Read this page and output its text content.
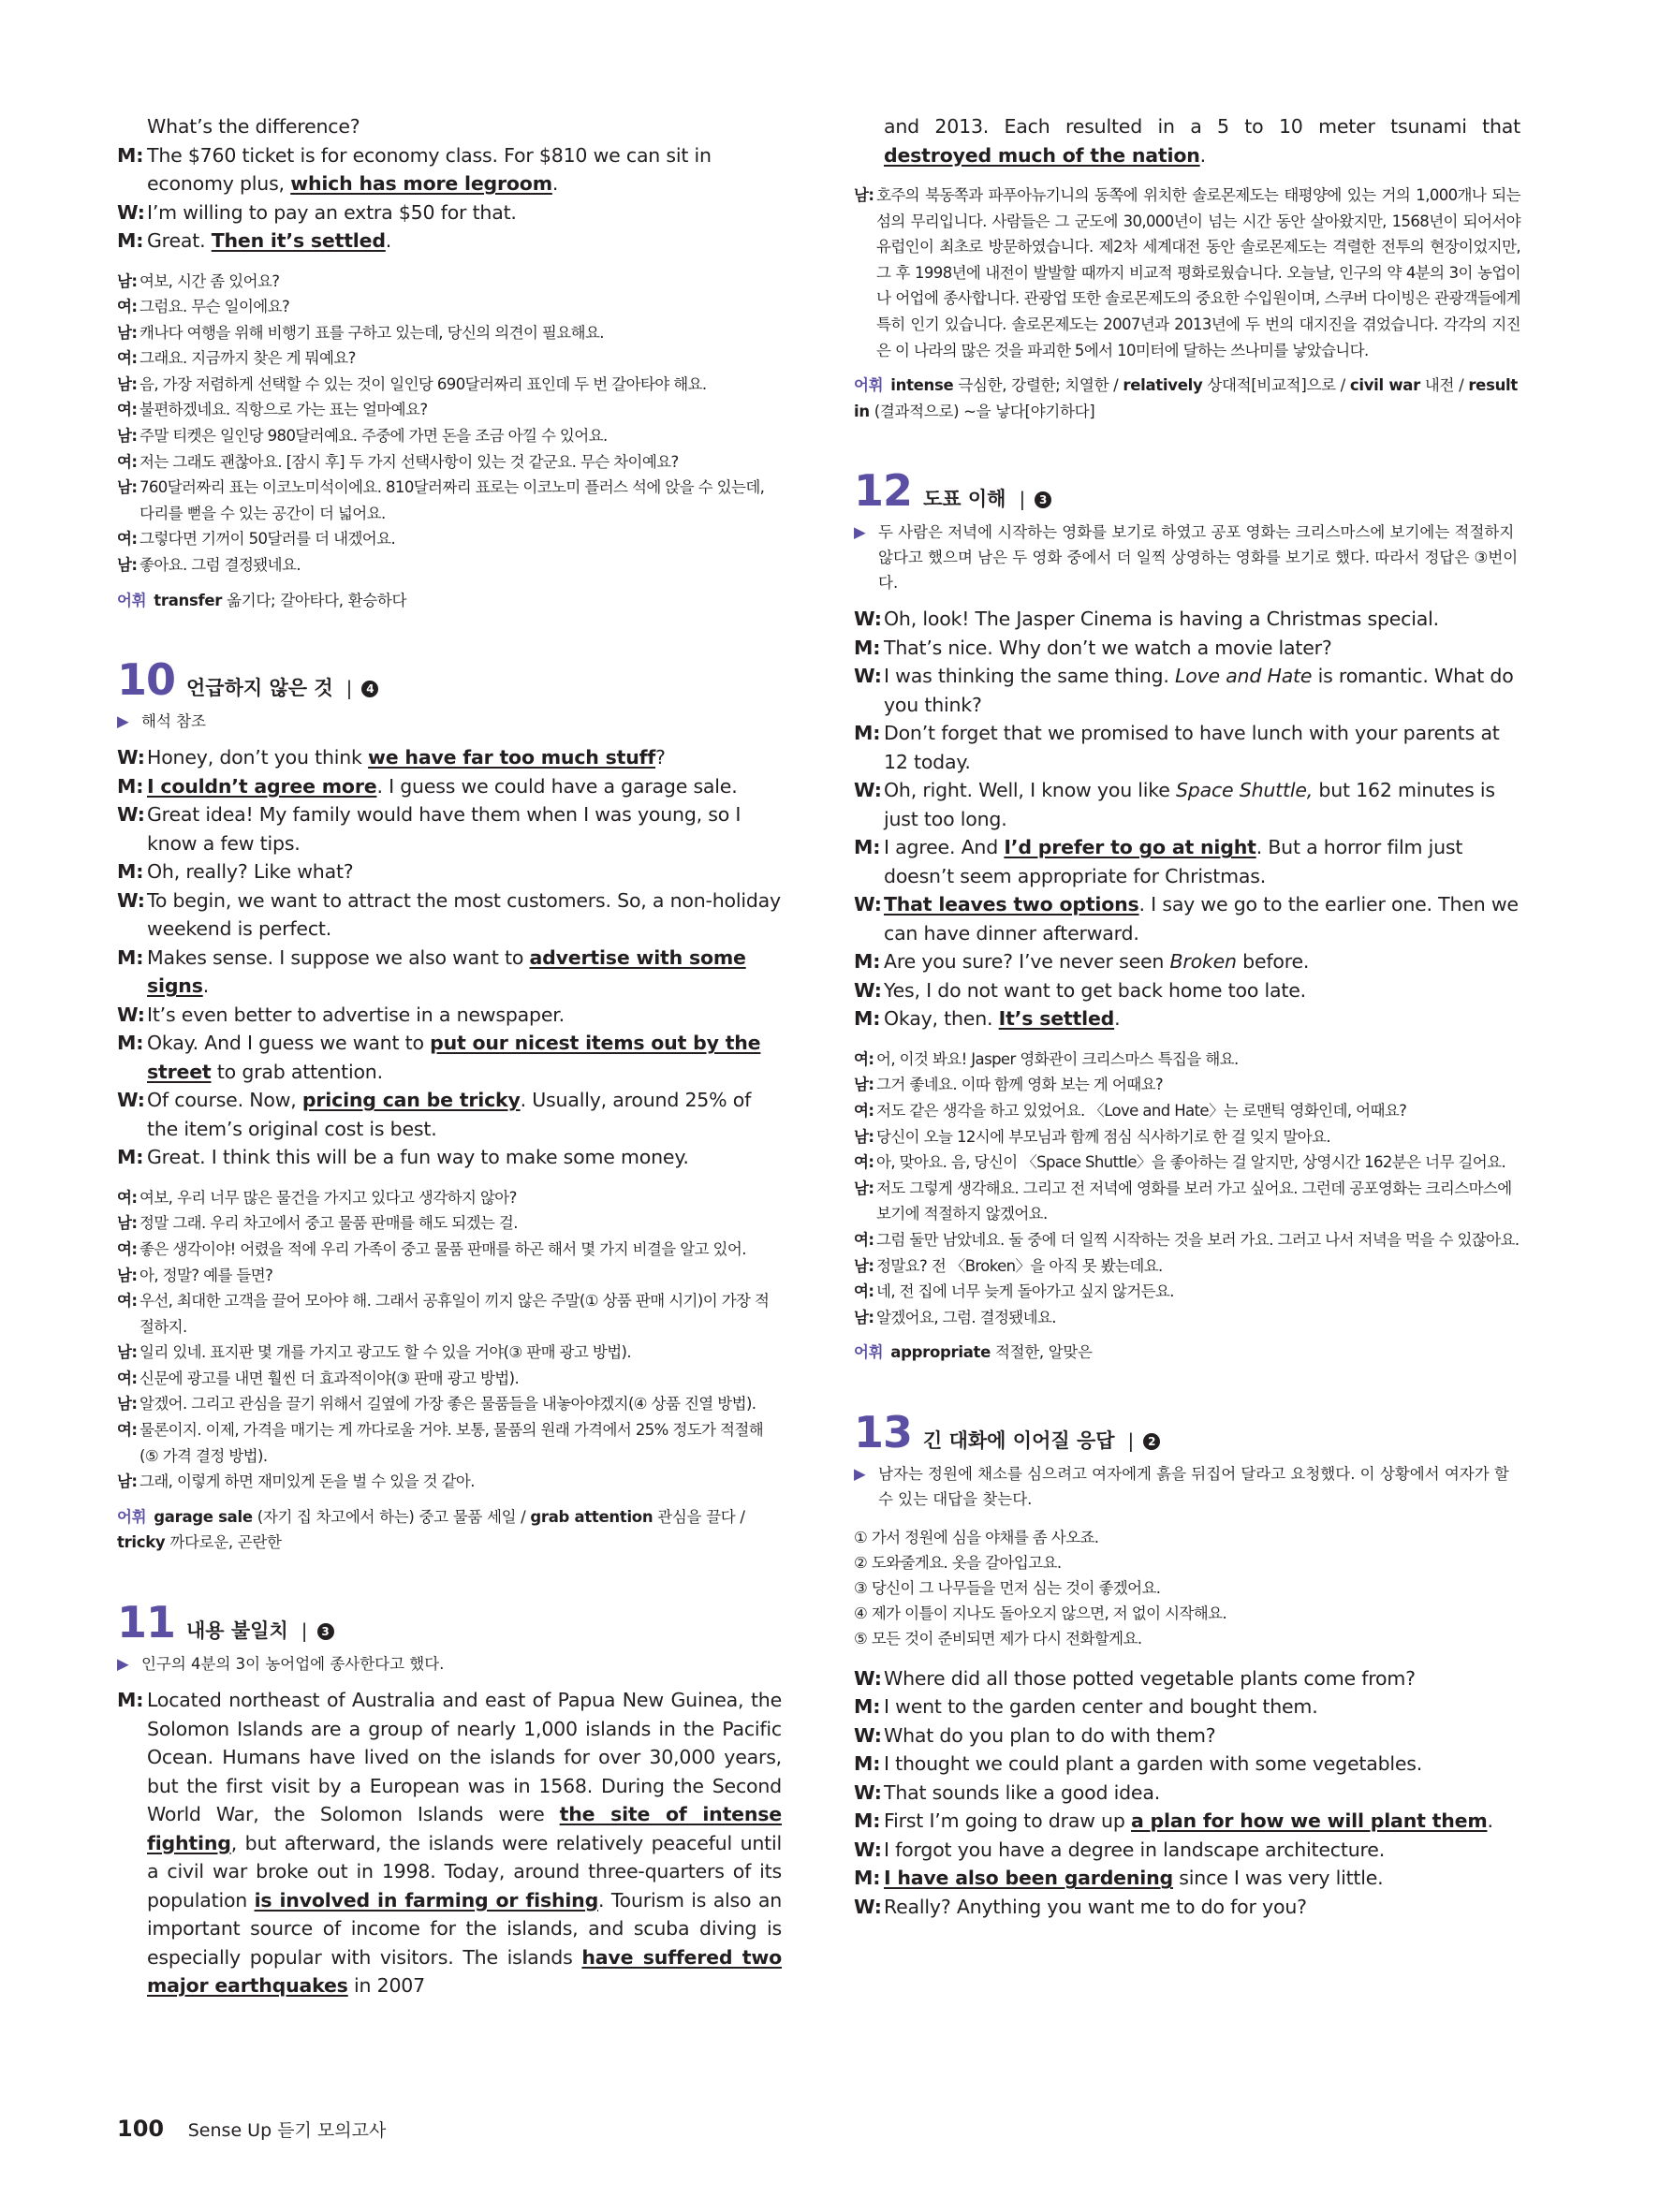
What’s the difference?
M: The $760 ticket is for economy class. For $810 we can sit in economy plus, which has more legroom.
W: I’m willing to pay an extra $50 for that.
M: Great. Then it’s settled.
남: 여보, 시간 좀 있어요?
여: 그럼요. 무슨 일이에요?
남: 캐나다 여행을 위해 비행기 표를 구하고 있는데, 당신의 의견이 필요해요.
여: 그래요. 지금까지 찾은 게 뭐예요?
남: 음, 가장 저렴하게 선택할 수 있는 것이 일인당 690달러짜리 표인데 두 번 갈아타야 해요.
여: 불편하겠네요. 직항으로 가는 표는 얼마예요?
남: 주말 티켓은 일인당 980달러예요. 주중에 가면 돈을 조금 아낄 수 있어요.
여: 저는 그래도 괜찮아요. [잠시 후] 두 가지 선택사항이 있는 것 같군요. 무슨 차이예요?
남: 760달러짜리 표는 이코노미석이에요. 810달러짜리 표로는 이코노미 플러스 석에 앉을 수 있는데, 다리를 뻗을 수 있는 공간이 더 넓어요.
여: 그렇다면 기꺼이 50달러를 더 내겠어요.
남: 좋아요. 그럼 결정됐네요.
어휘 transfer 옮기다; 갈아타다, 환승하다
10 언급하지 않은 것 |	4
▶ 해석 참조
W: Honey, don’t you think we have far too much stuff?
M: I couldn’t agree more. I guess we could have a garage sale.
W: Great idea! My family would have them when I was young, so I know a few tips.
M: Oh, really? Like what?
W: To begin, we want to attract the most customers. So, a non-holiday weekend is perfect.
M: Makes sense. I suppose we also want to advertise with some signs.
W: It’s even better to advertise in a newspaper.
M: Okay. And I guess we want to put our nicest items out by the street to grab attention.
W: Of course. Now, pricing can be tricky. Usually, around 25% of the item’s original cost is best.
M: Great. I think this will be a fun way to make some money.
여: 여보, 우리 너무 많은 물건을 가지고 있다고 생각하지 않아?
남: 정말 그래. 우리 차고에서 중고 물품 판매를 해도 되겠는 걸.
여: 좋은 생각이야! 어렸을 적에 우리 가족이 중고 물품 판매를 하곤 해서 몇 가지 비결을 알고 있어.
남: 아, 정말? 예를 들면?
여: 우선, 최대한 고객을 끌어 모아야 해. 그래서 공휴일이 끼지 않은 주말(① 상품 판매 시기)이 가장 적절하지.
남: 일리 있네. 표지판 몇 개를 가지고 광고도 할 수 있을 거야(③ 판매 광고 방법).
여: 신문에 광고를 내면 훨씬 더 효과적이야(③ 판매 광고 방법).
남: 알겠어. 그리고 관심을 끌기 위해서 길옆에 가장 좋은 물품들을 내놓아야겠지(④ 상품 진열 방법).
여: 물론이지. 이제, 가격을 매기는 게 까다로울 거야. 보통, 물품의 원래 가격에서 25% 정도가 적절해(⑤ 가격 결정 방법).
남: 그래, 이렇게 하면 재미있게 돈을 벌 수 있을 것 같아.
어휘 garage sale (자기 집 차고에서 하는) 중고 물품 세일 / grab attention 관심을 끌다 / tricky 까다로운, 곤란한
11 내용 불일치 |	3
▶ 인구의 4분의 3이 농어업에 종사한다고 했다.
M: Located northeast of Australia and east of Papua New Guinea, the Solomon Islands are a group of nearly 1,000 islands in the Pacific Ocean. Humans have lived on the islands for over 30,000 years, but the first visit by a European was in 1568. During the Second World War, the Solomon Islands were the site of intense fighting, but afterward, the islands were relatively peaceful until a civil war broke out in 1998. Today, around three-quarters of its population is involved in farming or fishing. Tourism is also an important source of income for the islands, and scuba diving is especially popular with visitors. The islands have suffered two major earthquakes in 2007
and 2013. Each resulted in a 5 to 10 meter tsunami that destroyed much of the nation.
남: 호주의 북동쪽과 파푸아뉴기니의 동쪽에 위치한 솔로몬제도는 태평양에 있는 거의 1,000개나 되는 섬의 무리입니다. 사람들은 그 군도에 30,000년이 넘는 시간 동안 살아왔지만, 1568년이 되어서야 유럽인이 최초로 방문하였습니다. 제2차 세계대전 동안 솔로몬제도는 격렬한 전투의 현장이었지만, 그 후 1998년에 내전이 발발할 때까지 비교적 평화로웠습니다. 오늘날, 인구의 약 4분의 3이 농업이나 어업에 종사합니다. 관광업 또한 솔로몬제도의 중요한 수입원이며, 스쿠버 다이빙은 관광객들에게 특히 인기 있습니다. 솔로몬제도는 2007년과 2013년에 두 번의 대지진을 겪었습니다. 각각의 지진은 이 나라의 많은 것을 파괴한 5에서 10미터에 달하는 쓰나미를 낳았습니다.
어휘 intense 극심한, 강렬한; 치열한 / relatively 상대적[비교적]으로 / civil war 내전 / result in (결과적으로) ~을 낳다[야기하다]
12 도표 이해 |	3
▶ 두 사람은 저녁에 시작하는 영화를 보기로 하였고 공포 영화는 크리스마스에 보기에는 적절하지 않다고 했으며 남은 두 영화 중에서 더 일찍 상영하는 영화를 보기로 했다. 따라서 정답은 ③번이다.
W: Oh, look! The Jasper Cinema is having a Christmas special.
M: That’s nice. Why don’t we watch a movie later?
W: I was thinking the same thing. Love and Hate is romantic. What do you think?
M: Don’t forget that we promised to have lunch with your parents at 12 today.
W: Oh, right. Well, I know you like Space Shuttle, but 162 minutes is just too long.
M: I agree. And I’d prefer to go at night. But a horror film just doesn’t seem appropriate for Christmas.
W: That leaves two options. I say we go to the earlier one. Then we can have dinner afterward.
M: Are you sure? I’ve never seen Broken before.
W: Yes, I do not want to get back home too late.
M: Okay, then. It’s settled.
여: 어, 이것 봐요! Jasper 영화관이 크리스마스 특집을 해요.
남: 그거 좋네요. 이따 함께 영화 보는 게 어때요?
여: 저도 같은 생각을 하고 있었어요. 〈Love and Hate〉는 로맨틱 영화인데, 어때요?
남: 당신이 오늘 12시에 부모님과 함께 점심 식사하기로 한 걸 잊지 말아요.
여: 아, 맞아요. 음, 당신이 〈Space Shuttle〉을 좋아하는 걸 알지만, 상영시간 162분은 너무 길어요.
남: 저도 그렇게 생각해요. 그리고 전 저녁에 영화를 보러 가고 싶어요. 그런데 공포영화는 크리스마스에 보기에 적절하지 않겠어요.
여: 그럼 둘만 남았네요. 둘 중에 더 일찍 시작하는 것을 보러 가요. 그러고 나서 저녁을 먹을 수 있잖아요.
남: 정말요? 전 〈Broken〉을 아직 못 봤는데요.
여: 네, 전 집에 너무 늦게 돌아가고 싶지 않거든요.
남: 알겠어요, 그럼. 결정됐네요.
어휘 appropriate 적절한, 알맞은
13 긴 대화에 이어질 응답 |	2
▶ 남자는 정원에 채소를 심으려고 여자에게 흙을 뒤집어 달라고 요청했다. 이 상황에서 여자가 할 수 있는 대답을 찾는다.
① 가서 정원에 심을 야채를 좀 사오죠.
② 도와줄게요. 옷을 갈아입고요.
③ 당신이 그 나무들을 먼저 심는 것이 좋겠어요.
④ 제가 이틀이 지나도 돌아오지 않으면, 저 없이 시작해요.
⑤ 모든 것이 준비되면 제가 다시 전화할게요.
W: Where did all those potted vegetable plants come from?
M: I went to the garden center and bought them.
W: What do you plan to do with them?
M: I thought we could plant a garden with some vegetables.
W: That sounds like a good idea.
M: First I’m going to draw up a plan for how we will plant them.
W: I forgot you have a degree in landscape architecture.
M: I have also been gardening since I was very little.
W: Really? Anything you want me to do for you?
100 Sense Up 듣기 모의고사
